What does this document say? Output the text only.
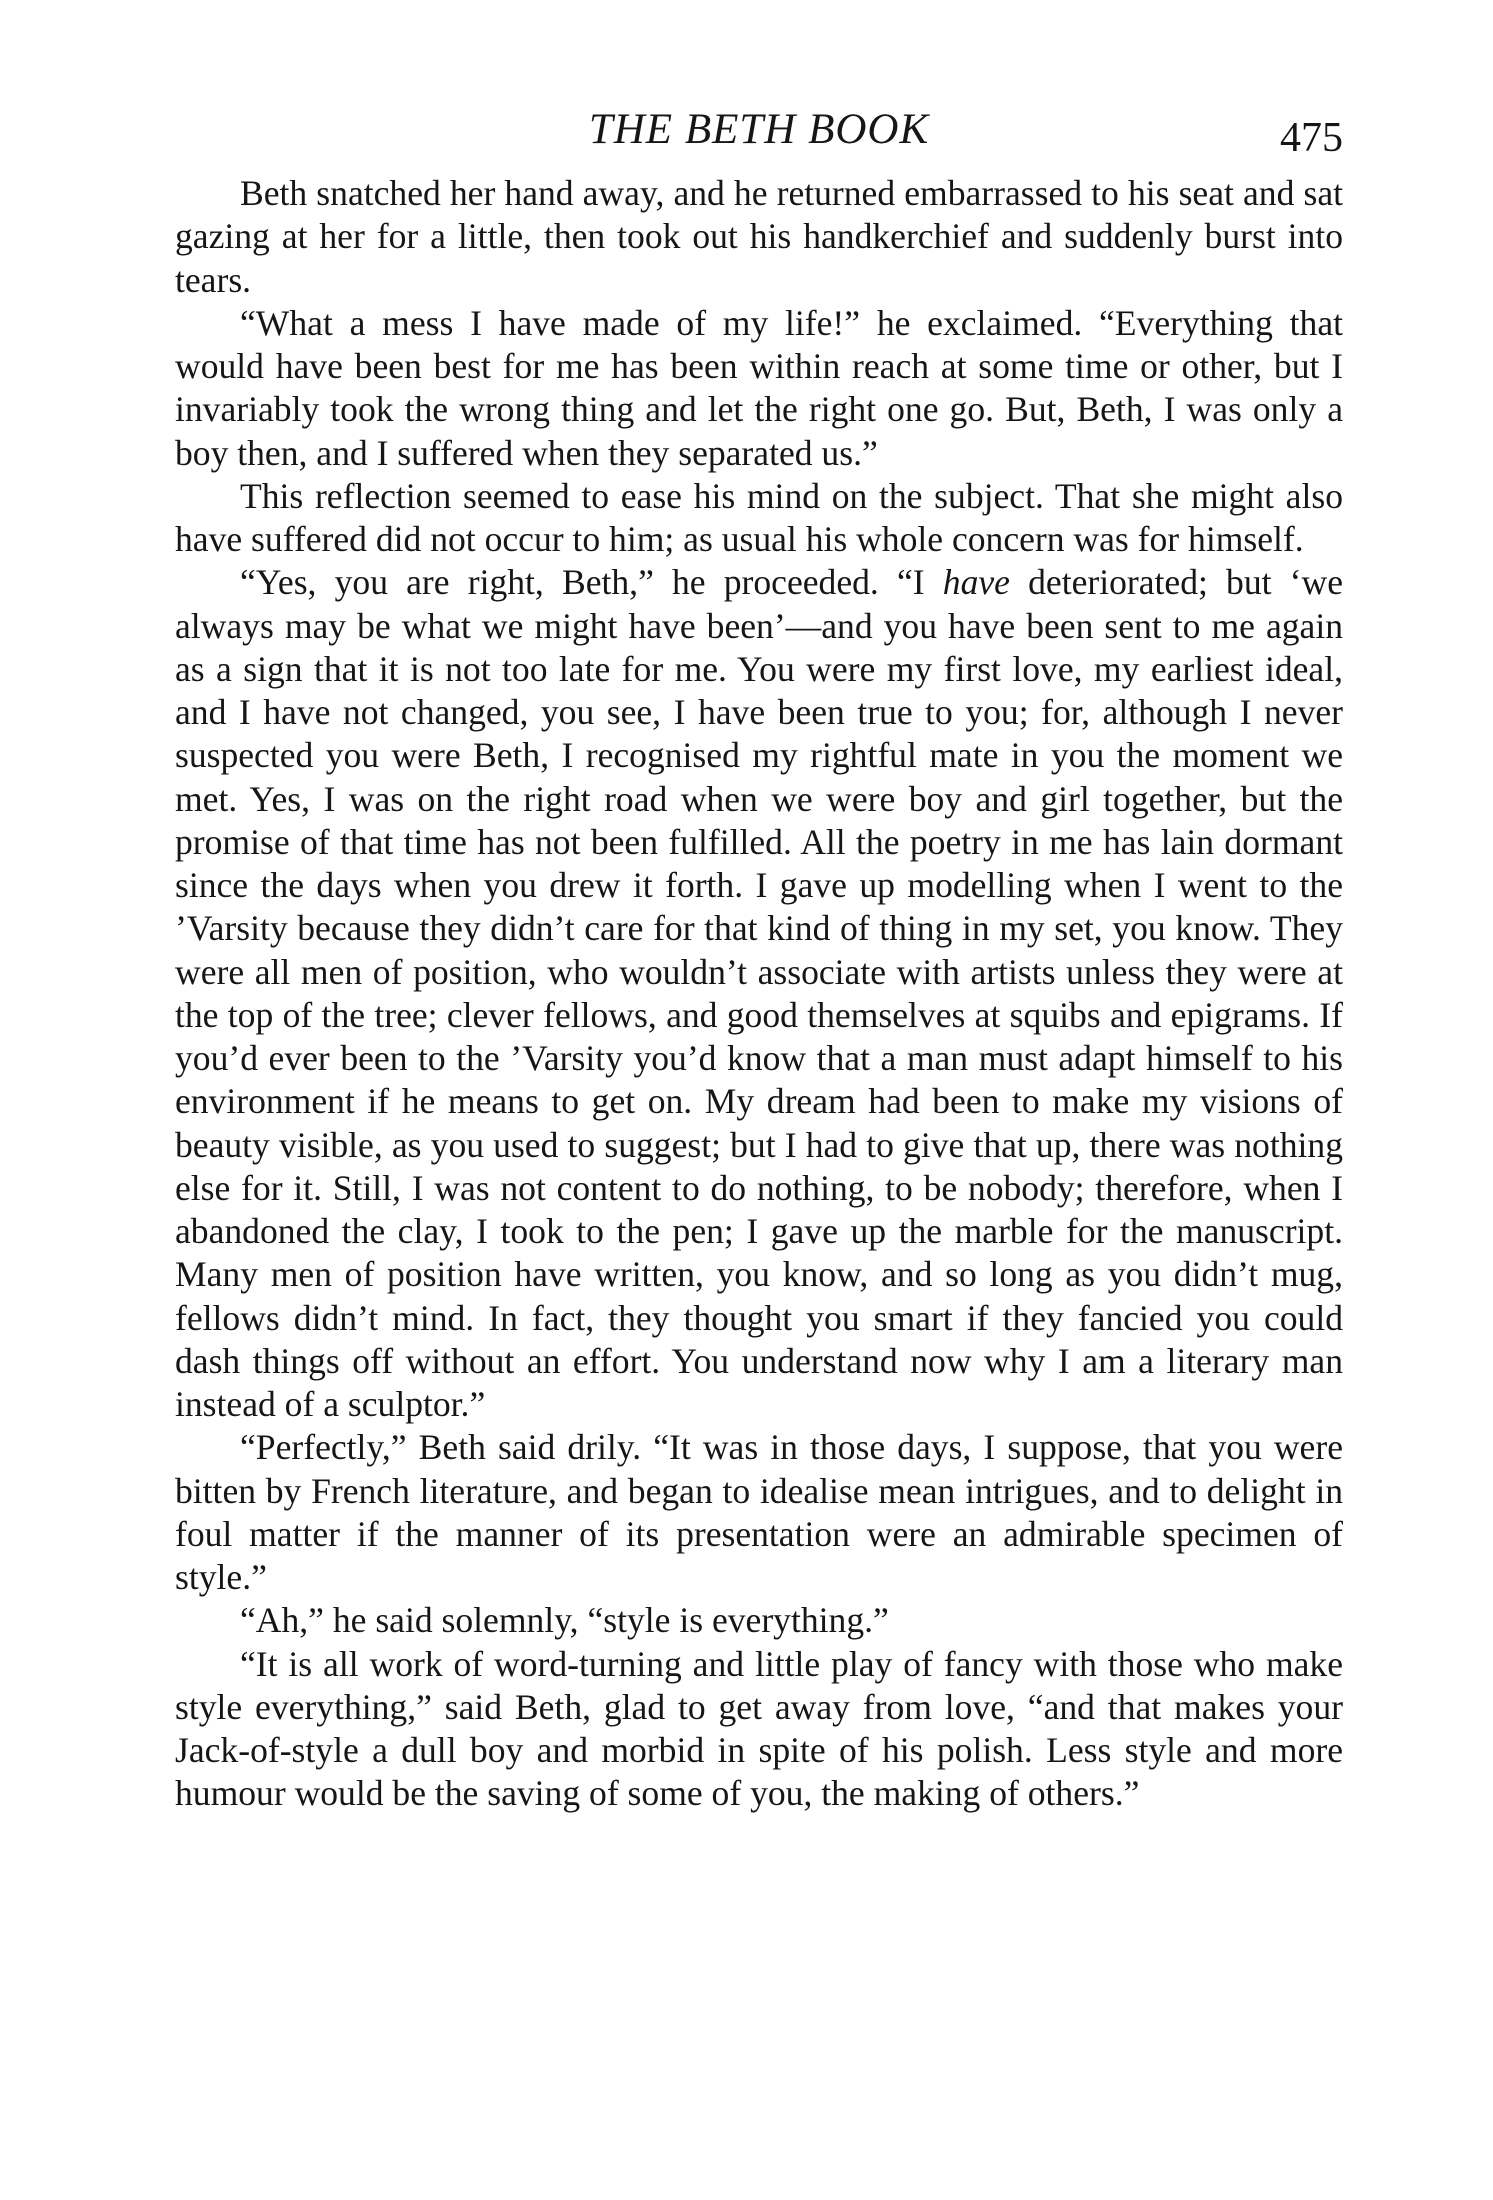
THE BETH BOOK	475

Beth snatched her hand away, and he returned embarrassed to his seat and sat gazing at her for a little, then took out his handkerchief and suddenly burst into tears.

“What a mess I have made of my life!” he exclaimed. “Everything that would have been best for me has been within reach at some time or other, but I invariably took the wrong thing and let the right one go. But, Beth, I was only a boy then, and I suffered when they separated us.”

This reflection seemed to ease his mind on the subject. That she might also have suffered did not occur to him; as usual his whole concern was for himself.

“Yes, you are right, Beth,” he proceeded. “I have deteriorated; but ‘we always may be what we might have been’—and you have been sent to me again as a sign that it is not too late for me. You were my first love, my earliest ideal, and I have not changed, you see, I have been true to you; for, although I never suspected you were Beth, I recognised my rightful mate in you the moment we met. Yes, I was on the right road when we were boy and girl together, but the promise of that time has not been fulfilled. All the poetry in me has lain dormant since the days when you drew it forth. I gave up modelling when I went to the ’Varsity because they didn’t care for that kind of thing in my set, you know. They were all men of position, who wouldn’t associate with artists unless they were at the top of the tree; clever fellows, and good themselves at squibs and epigrams. If you’d ever been to the ’Varsity you’d know that a man must adapt himself to his environment if he means to get on. My dream had been to make my visions of beauty visible, as you used to suggest; but I had to give that up, there was nothing else for it. Still, I was not content to do nothing, to be nobody; therefore, when I abandoned the clay, I took to the pen; I gave up the marble for the manuscript. Many men of position have written, you know, and so long as you didn’t mug, fellows didn’t mind. In fact, they thought you smart if they fancied you could dash things off without an effort. You understand now why I am a literary man instead of a sculptor.”

“Perfectly,” Beth said drily. “It was in those days, I suppose, that you were bitten by French literature, and began to idealise mean intrigues, and to delight in foul matter if the manner of its presentation were an admirable specimen of style.”

“Ah,” he said solemnly, “style is everything.”

“It is all work of word-turning and little play of fancy with those who make style everything,” said Beth, glad to get away from love, “and that makes your Jack-of-style a dull boy and morbid in spite of his polish. Less style and more humour would be the saving of some of you, the making of others.”
